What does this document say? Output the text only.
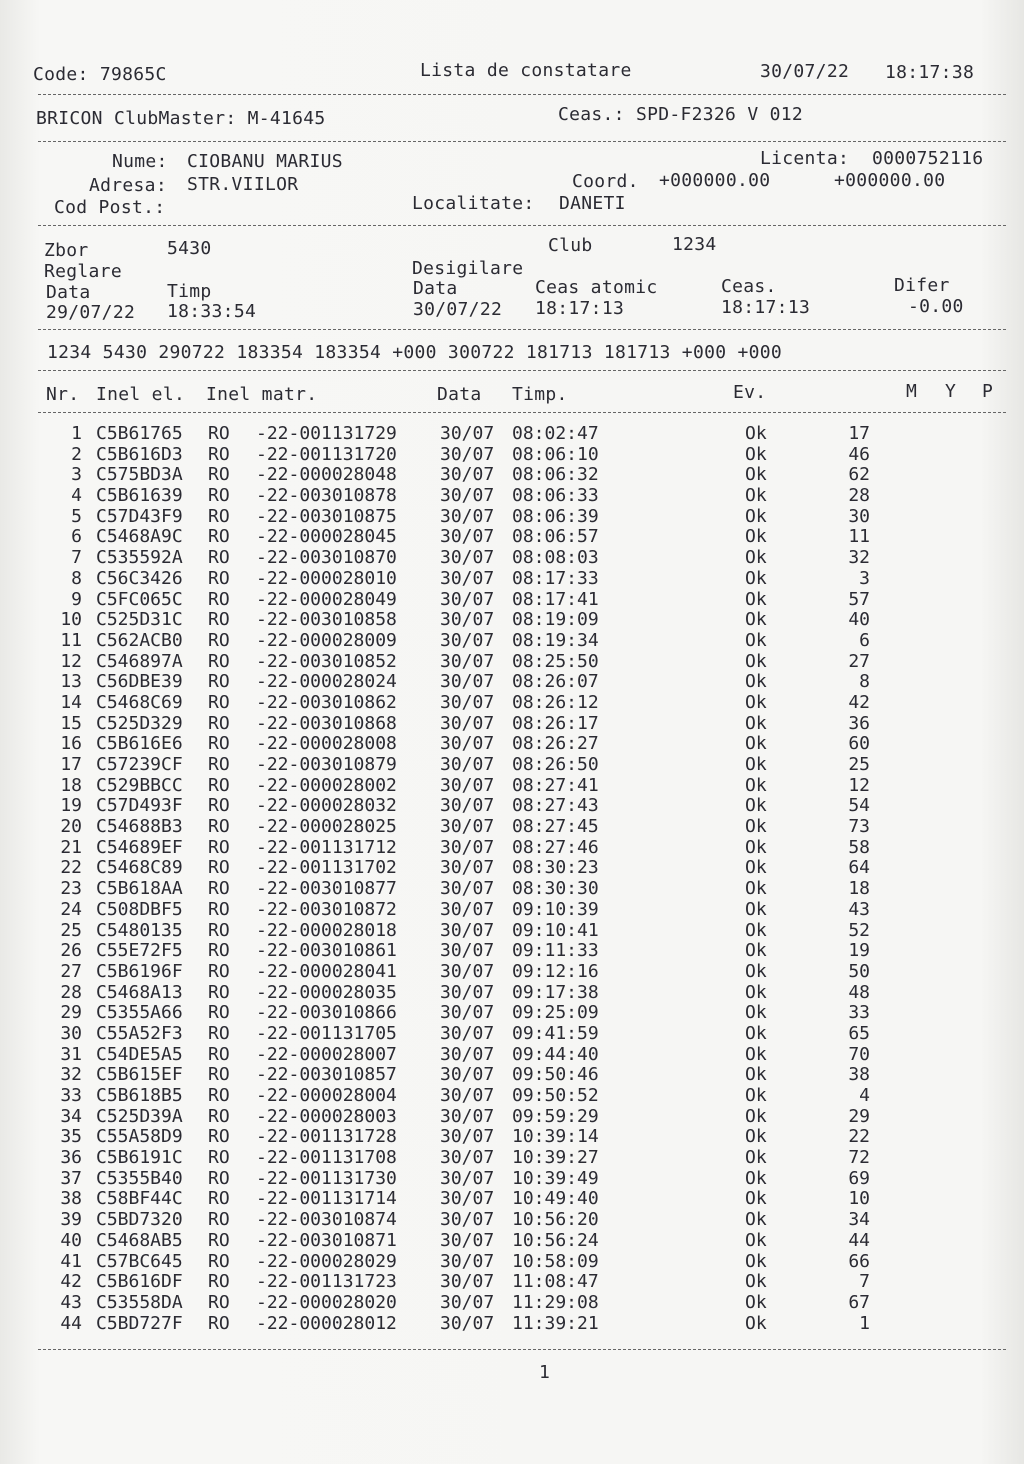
Code: 79865C	Lista de constatare	30/07/22 18:17:38
BRICON ClubMaster: M-41645	Ceas.: SPD-F2326 V 012
Nume: CIOBANU MARIUS
Adresa: STR.VIILOR
Cod Post.:
Licenta: 0000752116
Coord. +000000.00	+000000.00
Localitate: DANETI
Zbor	5430	Club	1234
Reglare	Desigilare
Data	Timp	Data	Ceas atomic	Ceas.	Difer
29/07/22 18:33:54	30/07/22 18:17:13	18:17:13	-0.00
1234 5430 290722 183354 183354 +000 300722 181713 181713 +000 +000
Nr. Inel el. Inel matr.	Data Timp.	Ev.	M Y P
1 C5B61765 RO -22-001131729 30/07 08:02:47	Ok	17
2 C5B616D3 RO -22-001131720 30/07 08:06:10	Ok	46
3 C575BD3A RO -22-000028048 30/07 08:06:32	Ok	62
4 C5B61639 RO -22-003010878 30/07 08:06:33	Ok	28
5 C57D43F9 RO -22-003010875 30/07 08:06:39	Ok	30
6 C5468A9C RO -22-000028045 30/07 08:06:57	Ok	11
7 C535592A RO -22-003010870 30/07 08:08:03	Ok	32
8 C56C3426 RO -22-000028010 30/07 08:17:33	Ok	3
9 C5FC065C RO -22-000028049 30/07 08:17:41	Ok	57
10 C525D31C RO -22-003010858 30/07 08:19:09	Ok	40
11 C562ACB0 RO -22-000028009 30/07 08:19:34	Ok	6
12 C546897A RO -22-003010852 30/07 08:25:50	Ok	27
13 C56DBE39 RO -22-000028024 30/07 08:26:07	Ok	8
14 C5468C69 RO -22-003010862 30/07 08:26:12	Ok	42
15 C525D329 RO -22-003010868 30/07 08:26:17	Ok	36
16 C5B616E6 RO -22-000028008 30/07 08:26:27	Ok	60
17 C57239CF RO -22-003010879 30/07 08:26:50	Ok	25
18 C529BBCC RO -22-000028002 30/07 08:27:41	Ok	12
19 C57D493F RO -22-000028032 30/07 08:27:43	Ok	54
20 C54688B3 RO -22-000028025 30/07 08:27:45	Ok	73
21 C54689EF RO -22-001131712 30/07 08:27:46	Ok	58
22 C5468C89 RO -22-001131702 30/07 08:30:23	Ok	64
23 C5B618AA RO -22-003010877 30/07 08:30:30	Ok	18
24 C508DBF5 RO -22-003010872 30/07 09:10:39	Ok	43
25 C5480135 RO -22-000028018 30/07 09:10:41	Ok	52
26 C55E72F5 RO -22-003010861 30/07 09:11:33	Ok	19
27 C5B6196F RO -22-000028041 30/07 09:12:16	Ok	50
28 C5468A13 RO -22-000028035 30/07 09:17:38	Ok	48
29 C5355A66 RO -22-003010866 30/07 09:25:09	Ok	33
30 C55A52F3 RO -22-001131705 30/07 09:41:59	Ok	65
31 C54DE5A5 RO -22-000028007 30/07 09:44:40	Ok	70
32 C5B615EF RO -22-003010857 30/07 09:50:46	Ok	38
33 C5B618B5 RO -22-000028004 30/07 09:50:52	Ok	4
34 C525D39A RO -22-000028003 30/07 09:59:29	Ok	29
35 C55A58D9 RO -22-001131728 30/07 10:39:14	Ok	22
36 C5B6191C RO -22-001131708 30/07 10:39:27	Ok	72
37 C5355B40 RO -22-001131730 30/07 10:39:49	Ok	69
38 C58BF44C RO -22-001131714 30/07 10:49:40	Ok	10
39 C5BD7320 RO -22-003010874 30/07 10:56:20	Ok	34
40 C5468AB5 RO -22-003010871 30/07 10:56:24	Ok	44
41 C57BC645 RO -22-000028029 30/07 10:58:09	Ok	66
42 C5B616DF RO -22-001131723 30/07 11:08:47	Ok	7
43 C53558DA RO -22-000028020 30/07 11:29:08	Ok	67
44 C5BD727F RO -22-000028012 30/07 11:39:21	Ok	1
1
